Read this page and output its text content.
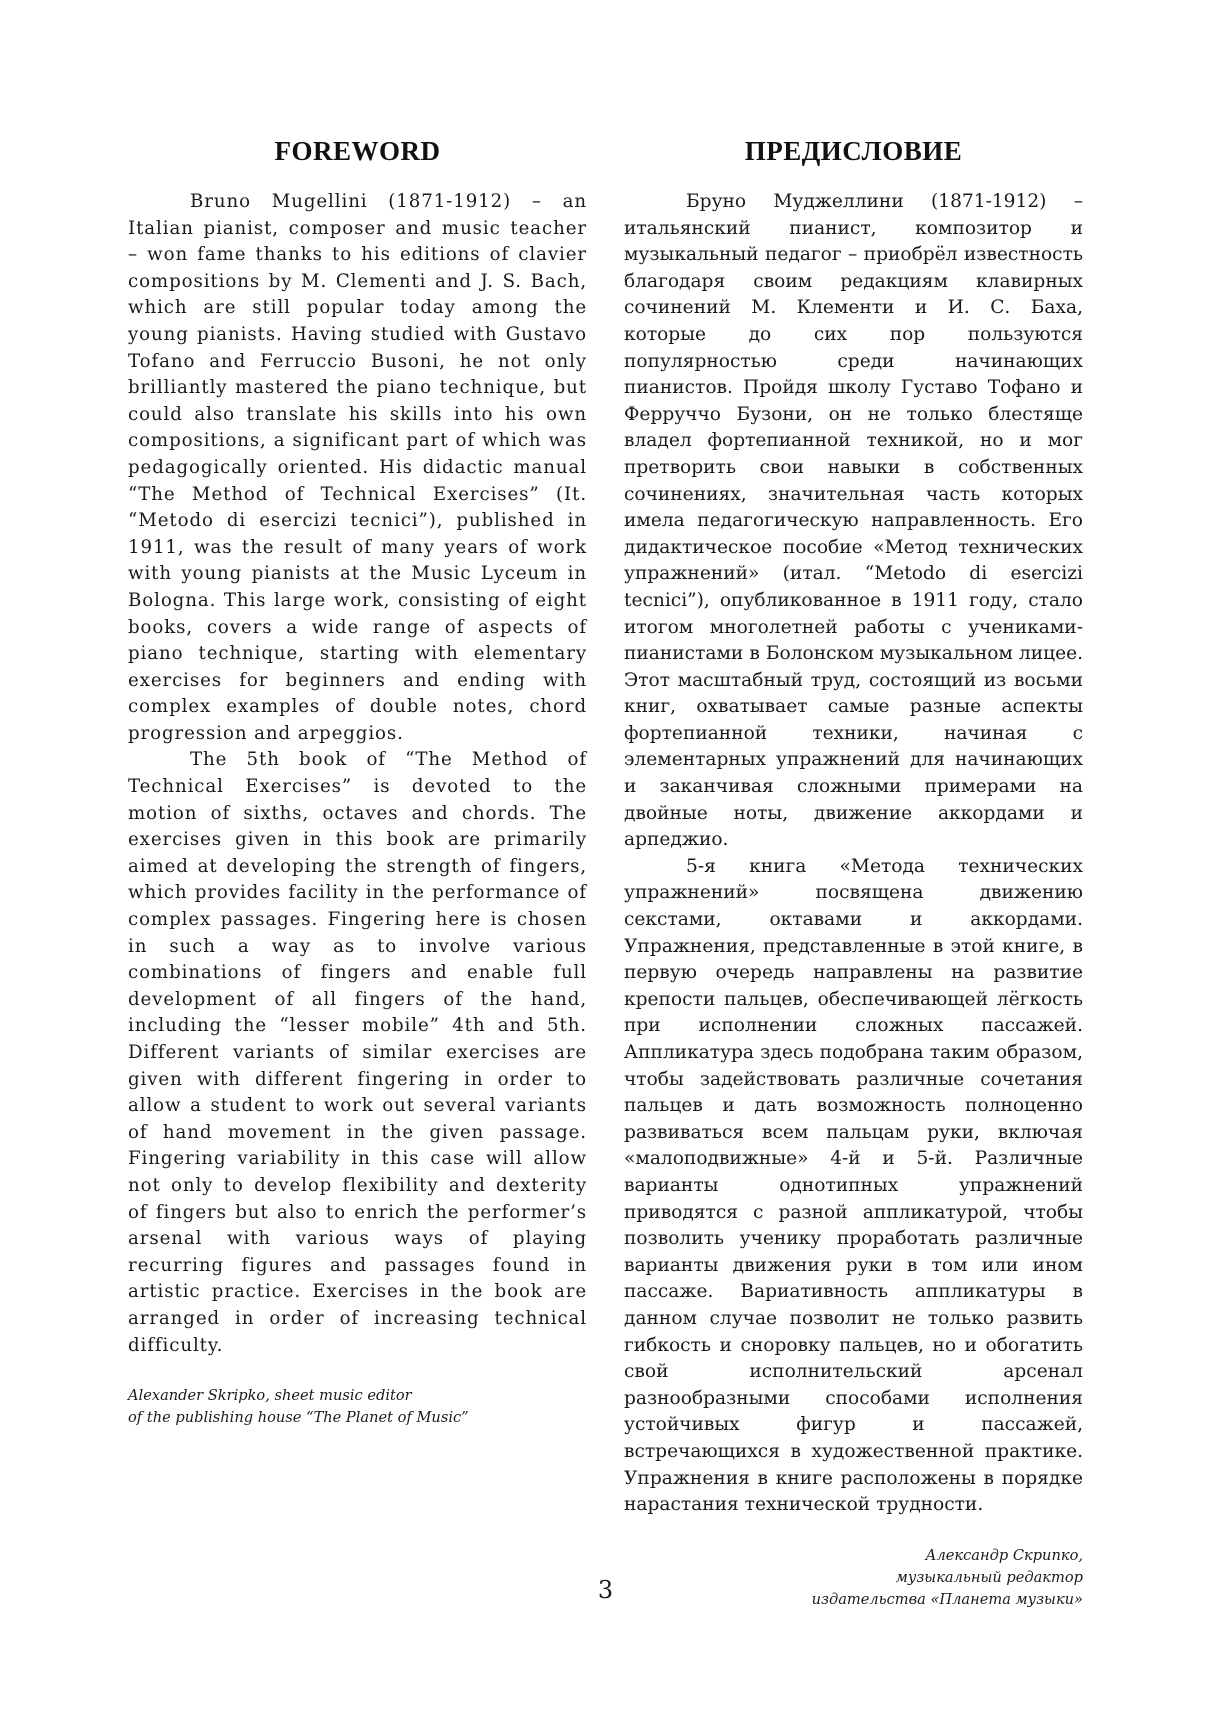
FOREWORD

Bruno Mugellini (1871-1912) – an Italian pianist, composer and music teacher – won fame thanks to his editions of clavier compositions by M. Clementi and J. S. Bach, which are still popular today among the young pianists. Having studied with Gustavo Tofano and Ferruccio Busoni, he not only brilliantly mastered the piano technique, but could also translate his skills into his own compositions, a significant part of which was pedagogically oriented. His didactic manual “The Method of Technical Exercises” (It. “Metodo di esercizi tecnici”), published in 1911, was the result of many years of work with young pianists at the Music Lyceum in Bologna. This large work, consisting of eight books, covers a wide range of aspects of piano technique, starting with elementary exercises for beginners and ending with complex examples of double notes, chord progression and arpeggios.

The 5th book of “The Method of Technical Exercises” is devoted to the motion of sixths, octaves and chords. The exercises given in this book are primarily aimed at developing the strength of fingers, which provides facility in the performance of complex passages. Fingering here is chosen in such a way as to involve various combinations of fingers and enable full development of all fingers of the hand, including the “lesser mobile” 4th and 5th. Different variants of similar exercises are given with different fingering in order to allow a student to work out several variants of hand movement in the given passage. Fingering variability in this case will allow not only to develop flexibility and dexterity of fingers but also to enrich the performer’s arsenal with various ways of playing recurring figures and passages found in artistic practice. Exercises in the book are arranged in order of increasing technical difficulty.

Alexander Skripko, sheet music editor
of the publishing house “The Planet of Music”
ПРЕДИСЛОВИЕ

Бруно Муджеллини (1871-1912) – итальянский пианист, композитор и музыкальный педагог – приобрёл известность благодаря своим редакциям клавирных сочинений М. Клементи и И. С. Баха, которые до сих пор пользуются популярностью среди начинающих пианистов. Пройдя школу Густаво Тофано и Ферруччо Бузони, он не только блестяще владел фортепианной техникой, но и мог претворить свои навыки в собственных сочинениях, значительная часть которых имела педагогическую направленность. Его дидактическое пособие «Метод технических упражнений» (итал. “Metodo di esercizi tecnici”), опубликованное в 1911 году, стало итогом многолетней работы с учениками-пианистами в Болонском музыкальном лицее. Этот масштабный труд, состоящий из восьми книг, охватывает самые разные аспекты фортепианной техники, начиная с элементарных упражнений для начинающих и заканчивая сложными примерами на двойные ноты, движение аккордами и арпеджио.

5-я книга «Метода технических упражнений» посвящена движению секстами, октавами и аккордами. Упражнения, представленные в этой книге, в первую очередь направлены на развитие крепости пальцев, обеспечивающей лёгкость при исполнении сложных пассажей. Аппликатура здесь подобрана таким образом, чтобы задействовать различные сочетания пальцев и дать возможность полноценно развиваться всем пальцам руки, включая «малоподвижные» 4-й и 5-й. Различные варианты однотипных упражнений приводятся с разной аппликатурой, чтобы позволить ученику проработать различные варианты движения руки в том или ином пассаже. Вариативность аппликатуры в данном случае позволит не только развить гибкость и сноровку пальцев, но и обогатить свой исполнительский арсенал разнообразными способами исполнения устойчивых фигур и пассажей, встречающихся в художественной практике. Упражнения в книге расположены в порядке нарастания технической трудности.

Александр Скрипко,
музыкальный редактор
издательства «Планета музыки»
3
